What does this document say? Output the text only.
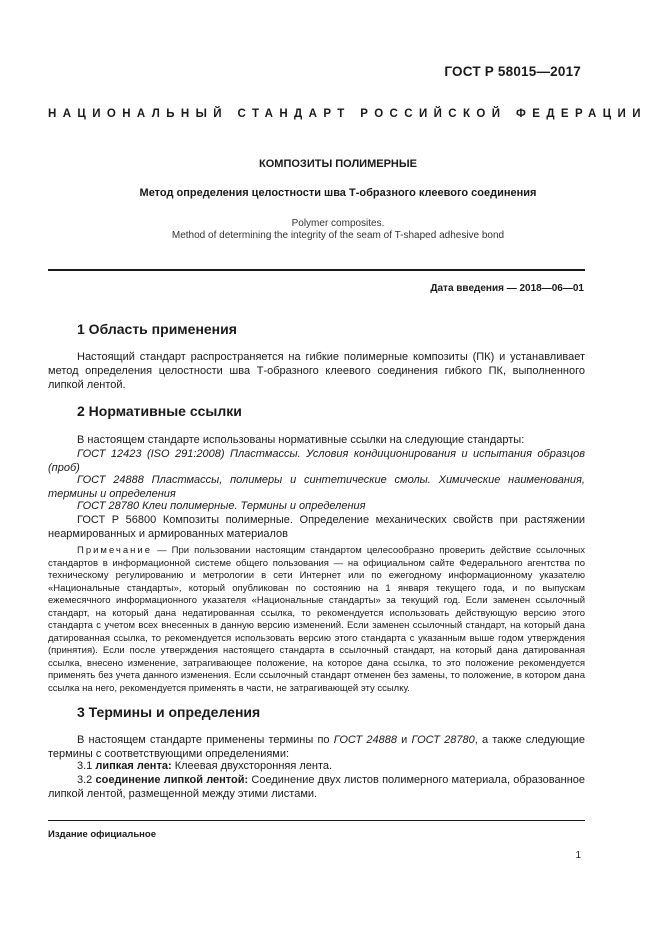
ГОСТ Р 58015—2017
НАЦИОНАЛЬНЫЙ СТАНДАРТ РОССИЙСКОЙ ФЕДЕРАЦИИ
КОМПОЗИТЫ ПОЛИМЕРНЫЕ
Метод определения целостности шва Т-образного клеевого соединения
Polymer composites.
Method of determining the integrity of the seam of T-shaped adhesive bond
Дата введения — 2018—06—01
1 Область применения
Настоящий стандарт распространяется на гибкие полимерные композиты (ПК) и устанавливает метод определения целостности шва Т-образного клеевого соединения гибкого ПК, выполненного липкой лентой.
2 Нормативные ссылки
В настоящем стандарте использованы нормативные ссылки на следующие стандарты:
ГОСТ 12423 (ISO 291:2008) Пластмассы. Условия кондиционирования и испытания образцов (проб)
ГОСТ 24888 Пластмассы, полимеры и синтетические смолы. Химические наименования, термины и определения
ГОСТ 28780 Клеи полимерные. Термины и определения
ГОСТ Р 56800 Композиты полимерные. Определение механических свойств при растяжении неармированных и армированных материалов
Примечание — При пользовании настоящим стандартом целесообразно проверить действие ссылочных стандартов в информационной системе общего пользования — на официальном сайте Федерального агентства по техническому регулированию и метрологии в сети Интернет или по ежегодному информационному указателю «Национальные стандарты», который опубликован по состоянию на 1 января текущего года, и по выпускам ежемесячного информационного указателя «Национальные стандарты» за текущий год. Если заменен ссылочный стандарт, на который дана недатированная ссылка, то рекомендуется использовать действующую версию этого стандарта с учетом всех внесенных в данную версию изменений. Если заменен ссылочный стандарт, на который дана датированная ссылка, то рекомендуется использовать версию этого стандарта с указанным выше годом утверждения (принятия). Если после утверждения настоящего стандарта в ссылочный стандарт, на который дана датированная ссылка, внесено изменение, затрагивающее положение, на которое дана ссылка, то это положение рекомендуется применять без учета данного изменения. Если ссылочный стандарт отменен без замены, то положение, в котором дана ссылка на него, рекомендуется применять в части, не затрагивающей эту ссылку.
3 Термины и определения
В настоящем стандарте применены термины по ГОСТ 24888 и ГОСТ 28780, а также следующие термины с соответствующими определениями:
3.1 липкая лента: Клеевая двухсторонняя лента.
3.2 соединение липкой лентой: Соединение двух листов полимерного материала, образованное липкой лентой, размещенной между этими листами.
Издание официальное
1
